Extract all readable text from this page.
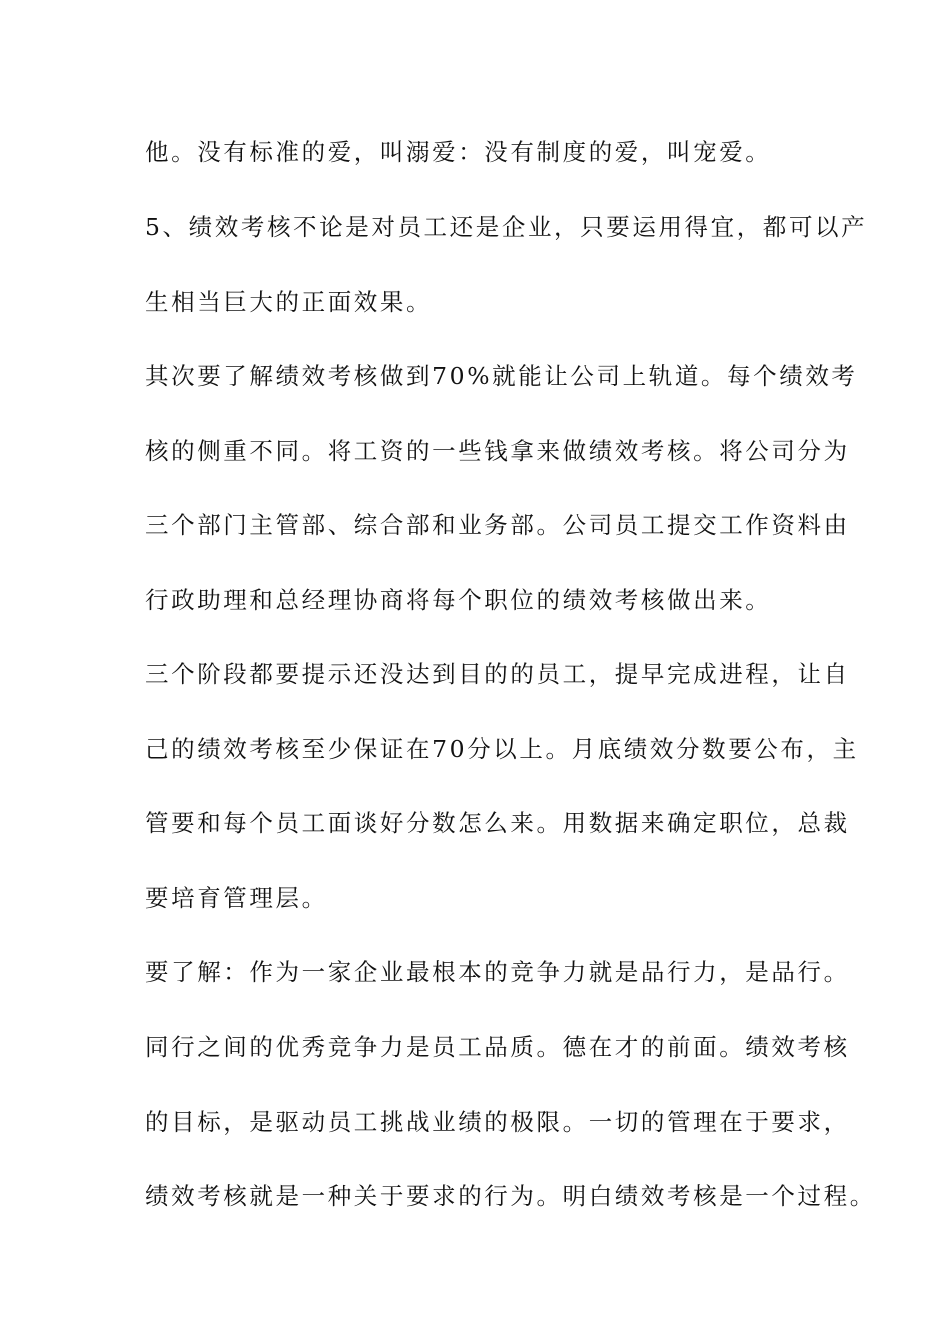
他。没有标准的爱，叫溺爱：没有制度的爱，叫宠爱。

5、绩效考核不论是对员工还是企业，只要运用得宜，都可以产

生相当巨大的正面效果。

其次要了解绩效考核做到70%就能让公司上轨道。每个绩效考

核的侧重不同。将工资的一些钱拿来做绩效考核。将公司分为

三个部门主管部、综合部和业务部。公司员工提交工作资料由

行政助理和总经理协商将每个职位的绩效考核做出来。

三个阶段都要提示还没达到目的的员工，提早完成进程，让自

己的绩效考核至少保证在70分以上。月底绩效分数要公布，主

管要和每个员工面谈好分数怎么来。用数据来确定职位，总裁

要培育管理层。

要了解：作为一家企业最根本的竞争力就是品行力，是品行。

同行之间的优秀竞争力是员工品质。德在才的前面。绩效考核

的目标，是驱动员工挑战业绩的极限。一切的管理在于要求，

绩效考核就是一种关于要求的行为。明白绩效考核是一个过程。
